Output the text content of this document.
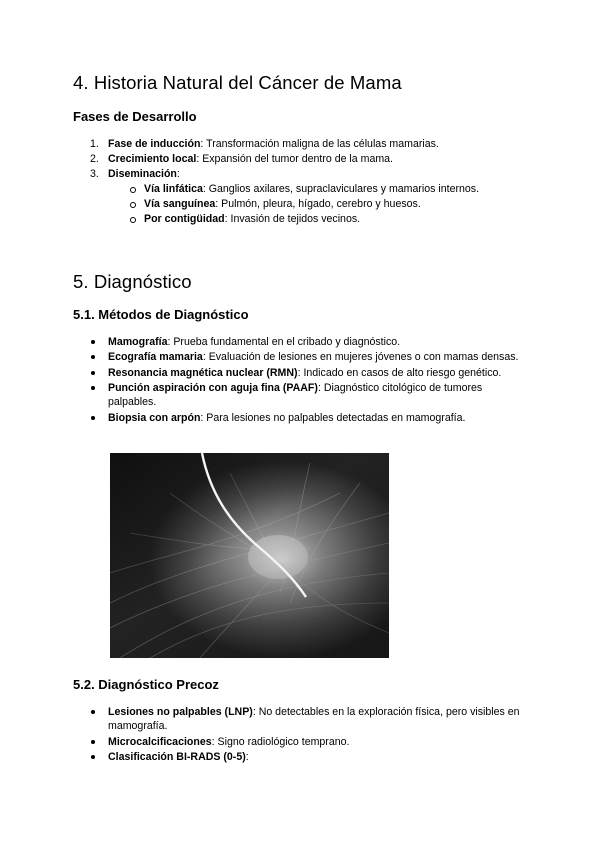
4. Historia Natural del Cáncer de Mama
Fases de Desarrollo
1. Fase de inducción: Transformación maligna de las células mamarias.
2. Crecimiento local: Expansión del tumor dentro de la mama.
3. Diseminación:
Vía linfática: Ganglios axilares, supraclaviculares y mamarios internos.
Vía sanguínea: Pulmón, pleura, hígado, cerebro y huesos.
Por contigüidad: Invasión de tejidos vecinos.
5. Diagnóstico
5.1. Métodos de Diagnóstico
Mamografía: Prueba fundamental en el cribado y diagnóstico.
Ecografía mamaria: Evaluación de lesiones en mujeres jóvenes o con mamas densas.
Resonancia magnética nuclear (RMN): Indicado en casos de alto riesgo genético.
Punción aspiración con aguja fina (PAAF): Diagnóstico citológico de tumores palpables.
Biopsia con arpón: Para lesiones no palpables detectadas en mamografía.
5.2. Diagnóstico Precoz
Lesiones no palpables (LNP): No detectables en la exploración física, pero visibles en mamografía.
Microcalcificaciones: Signo radiológico temprano.
Clasificación BI-RADS (0-5):
